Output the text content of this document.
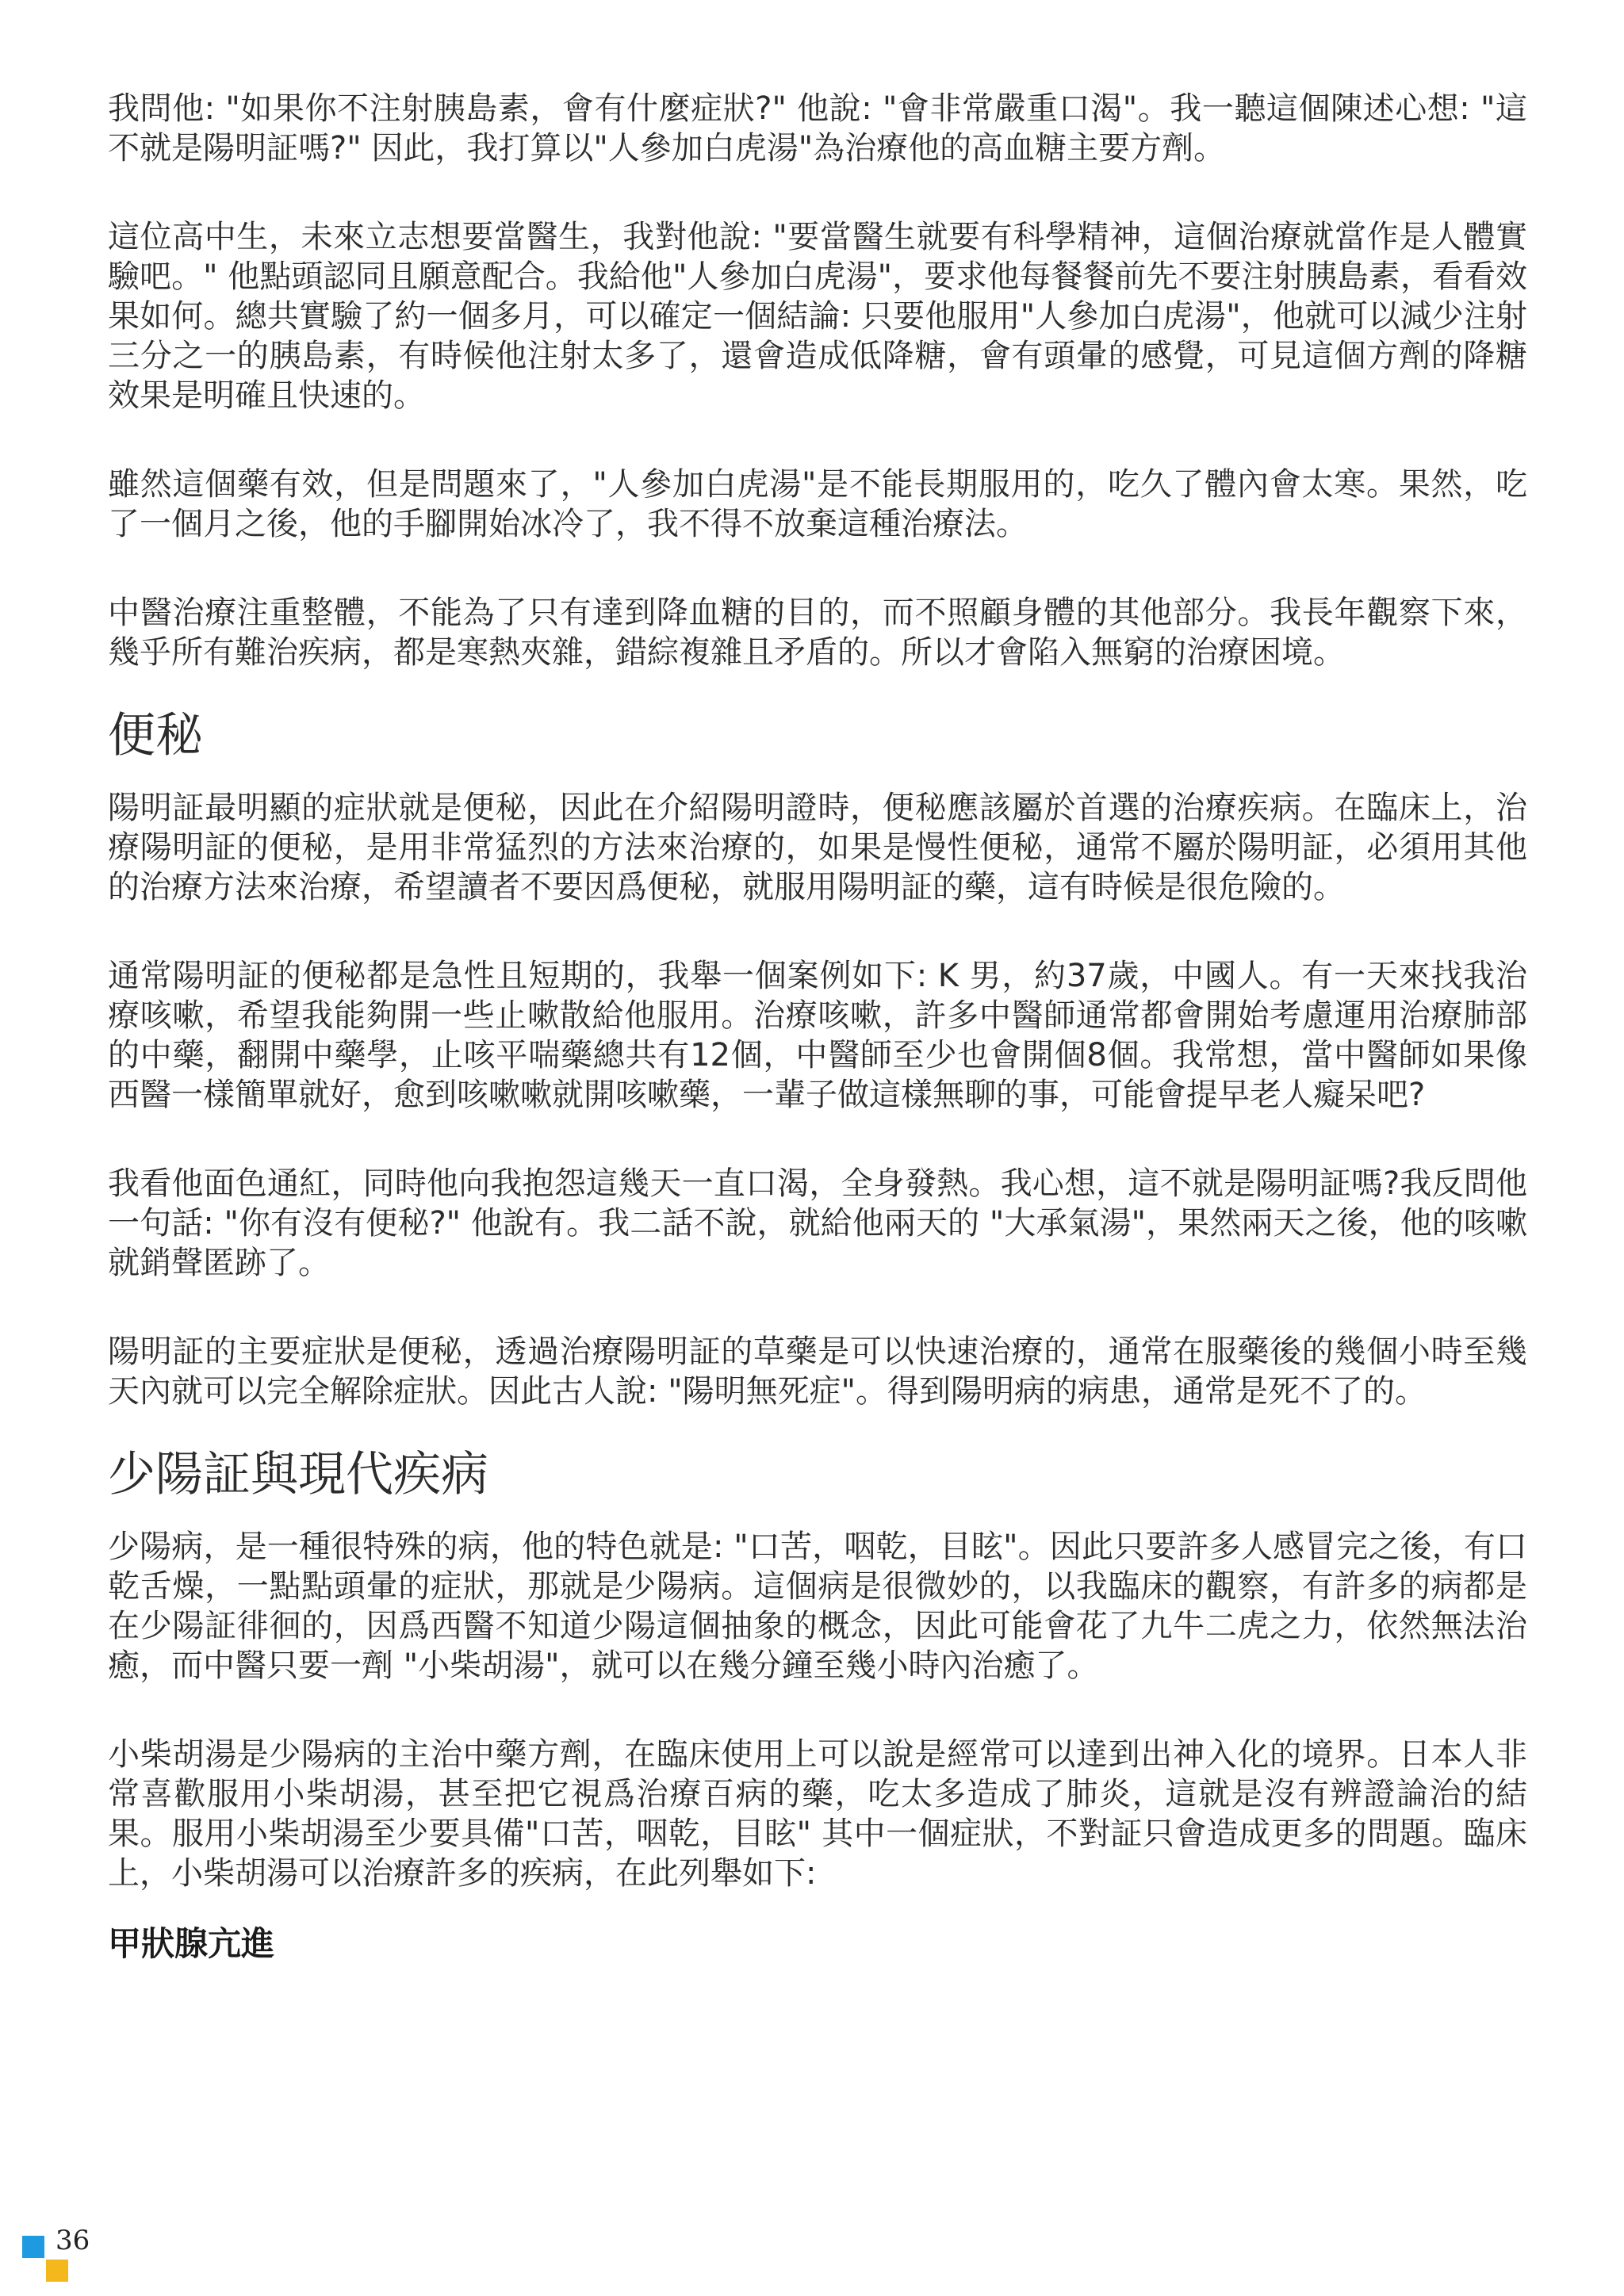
我問他: "如果你不注射胰島素，會有什麼症狀?" 他說: "會非常嚴重口渴"。我一聽這個陳述心想: "這不就是陽明証嗎?" 因此，我打算以"人參加白虎湯"為治療他的高血糖主要方劑。

這位高中生，未來立志想要當醫生，我對他說: "要當醫生就要有科學精神，這個治療就當作是人體實驗吧。" 他點頭認同且願意配合。我給他"人參加白虎湯"，要求他每餐餐前先不要注射胰島素，看看效果如何。總共實驗了約一個多月，可以確定一個結論: 只要他服用"人參加白虎湯"，他就可以減少注射三分之一的胰島素，有時候他注射太多了，還會造成低降糖，會有頭暈的感覺，可見這個方劑的降糖效果是明確且快速的。

雖然這個藥有效，但是問題來了，"人參加白虎湯"是不能長期服用的，吃久了體內會太寒。果然，吃了一個月之後，他的手腳開始冰冷了，我不得不放棄這種治療法。

中醫治療注重整體，不能為了只有達到降血糖的目的，而不照顧身體的其他部分。我長年觀察下來，幾乎所有難治疾病，都是寒熱夾雜，錯綜複雜且矛盾的。所以才會陷入無窮的治療困境。

便秘

陽明証最明顯的症狀就是便秘，因此在介紹陽明證時，便秘應該屬於首選的治療疾病。在臨床上，治療陽明証的便秘，是用非常猛烈的方法來治療的，如果是慢性便秘，通常不屬於陽明証，必須用其他的治療方法來治療，希望讀者不要因爲便秘，就服用陽明証的藥，這有時候是很危險的。

通常陽明証的便秘都是急性且短期的，我舉一個案例如下: K 男，約37歲，中國人。有一天來找我治療咳嗽，希望我能夠開一些止嗽散給他服用。治療咳嗽，許多中醫師通常都會開始考慮運用治療肺部的中藥，翻開中藥學，止咳平喘藥總共有12個，中醫師至少也會開個8個。我常想，當中醫師如果像西醫一樣簡單就好，愈到咳嗽嗽就開咳嗽藥，一輩子做這樣無聊的事，可能會提早老人癡呆吧?

我看他面色通紅，同時他向我抱怨這幾天一直口渴，全身發熱。我心想，這不就是陽明証嗎?我反問他一句話: "你有沒有便秘?" 他說有。我二話不說，就給他兩天的 "大承氣湯"，果然兩天之後，他的咳嗽就銷聲匿跡了。

陽明証的主要症狀是便秘，透過治療陽明証的草藥是可以快速治療的，通常在服藥後的幾個小時至幾天內就可以完全解除症狀。因此古人說: "陽明無死症"。得到陽明病的病患，通常是死不了的。

少陽証與現代疾病

少陽病，是一種很特殊的病，他的特色就是: "口苦，咽乾，目眩"。因此只要許多人感冒完之後，有口乾舌燥，一點點頭暈的症狀，那就是少陽病。這個病是很微妙的，以我臨床的觀察，有許多的病都是在少陽証徘徊的，因爲西醫不知道少陽這個抽象的概念，因此可能會花了九牛二虎之力，依然無法治癒，而中醫只要一劑 "小柴胡湯"，就可以在幾分鐘至幾小時內治癒了。

小柴胡湯是少陽病的主治中藥方劑，在臨床使用上可以說是經常可以達到出神入化的境界。日本人非常喜歡服用小柴胡湯，甚至把它視爲治療百病的藥，吃太多造成了肺炎，這就是沒有辨證論治的結果。服用小柴胡湯至少要具備"口苦，咽乾，目眩" 其中一個症狀，不對証只會造成更多的問題。臨床上，小柴胡湯可以治療許多的疾病，在此列舉如下:

甲狀腺亢進
36
